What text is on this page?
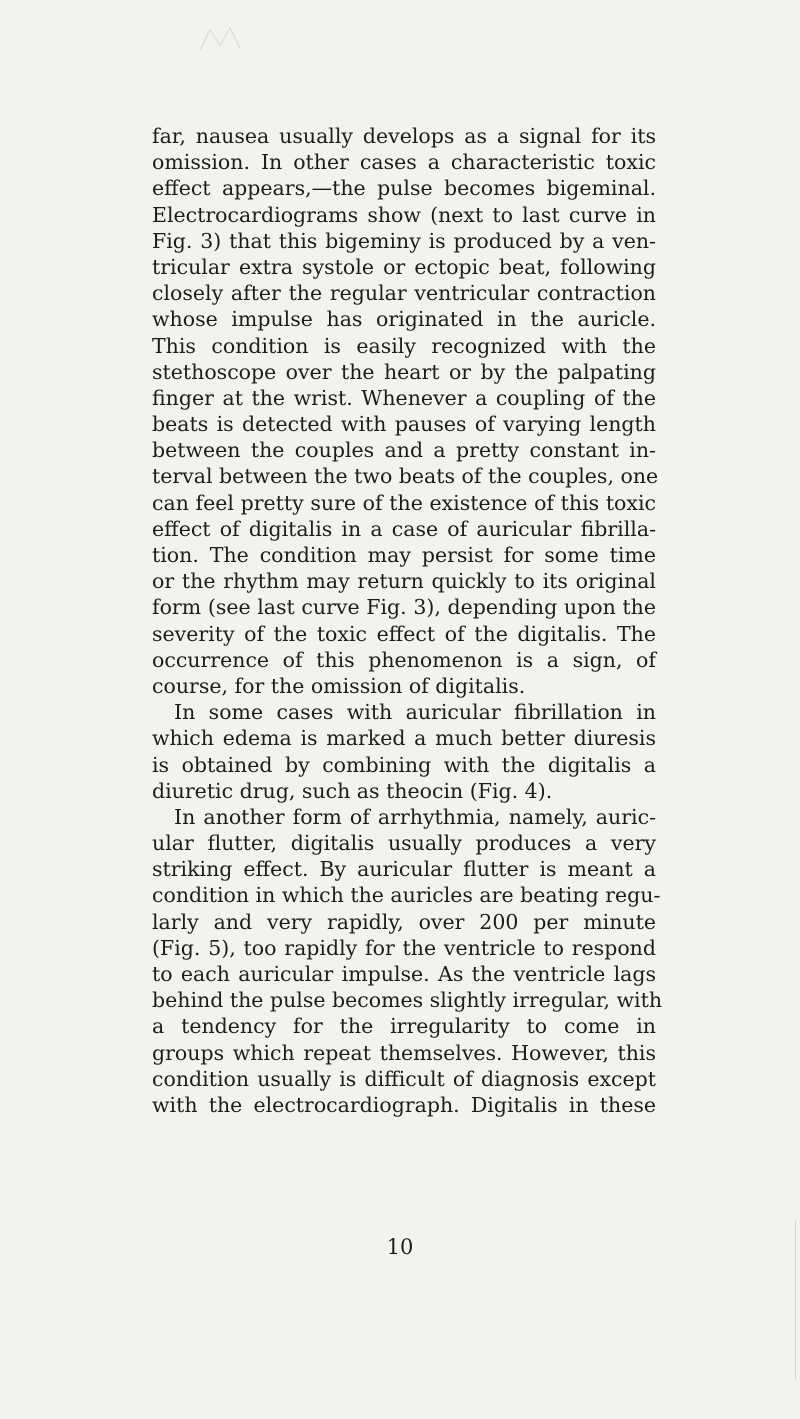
far, nausea usually develops as a signal for its
omission. In other cases a characteristic toxic
effect appears,—the pulse becomes bigeminal.
Electrocardiograms show (next to last curve in
Fig. 3) that this bigeminy is produced by a ven-
tricular extra systole or ectopic beat, following
closely after the regular ventricular contraction
whose impulse has originated in the auricle.
This condition is easily recognized with the
stethoscope over the heart or by the palpating
finger at the wrist. Whenever a coupling of the
beats is detected with pauses of varying length
between the couples and a pretty constant in-
terval between the two beats of the couples, one
can feel pretty sure of the existence of this toxic
effect of digitalis in a case of auricular fibrilla-
tion. The condition may persist for some time
or the rhythm may return quickly to its original
form (see last curve Fig. 3), depending upon the
severity of the toxic effect of the digitalis. The
occurrence of this phenomenon is a sign, of
course, for the omission of digitalis.
In some cases with auricular fibrillation in
which edema is marked a much better diuresis
is obtained by combining with the digitalis a
diuretic drug, such as theocin (Fig. 4).
In another form of arrhythmia, namely, auric-
ular flutter, digitalis usually produces a very
striking effect. By auricular flutter is meant a
condition in which the auricles are beating regu-
larly and very rapidly, over 200 per minute
(Fig. 5), too rapidly for the ventricle to respond
to each auricular impulse. As the ventricle lags
behind the pulse becomes slightly irregular, with
a tendency for the irregularity to come in
groups which repeat themselves. However, this
condition usually is difficult of diagnosis except
with the electrocardiograph. Digitalis in these
10
